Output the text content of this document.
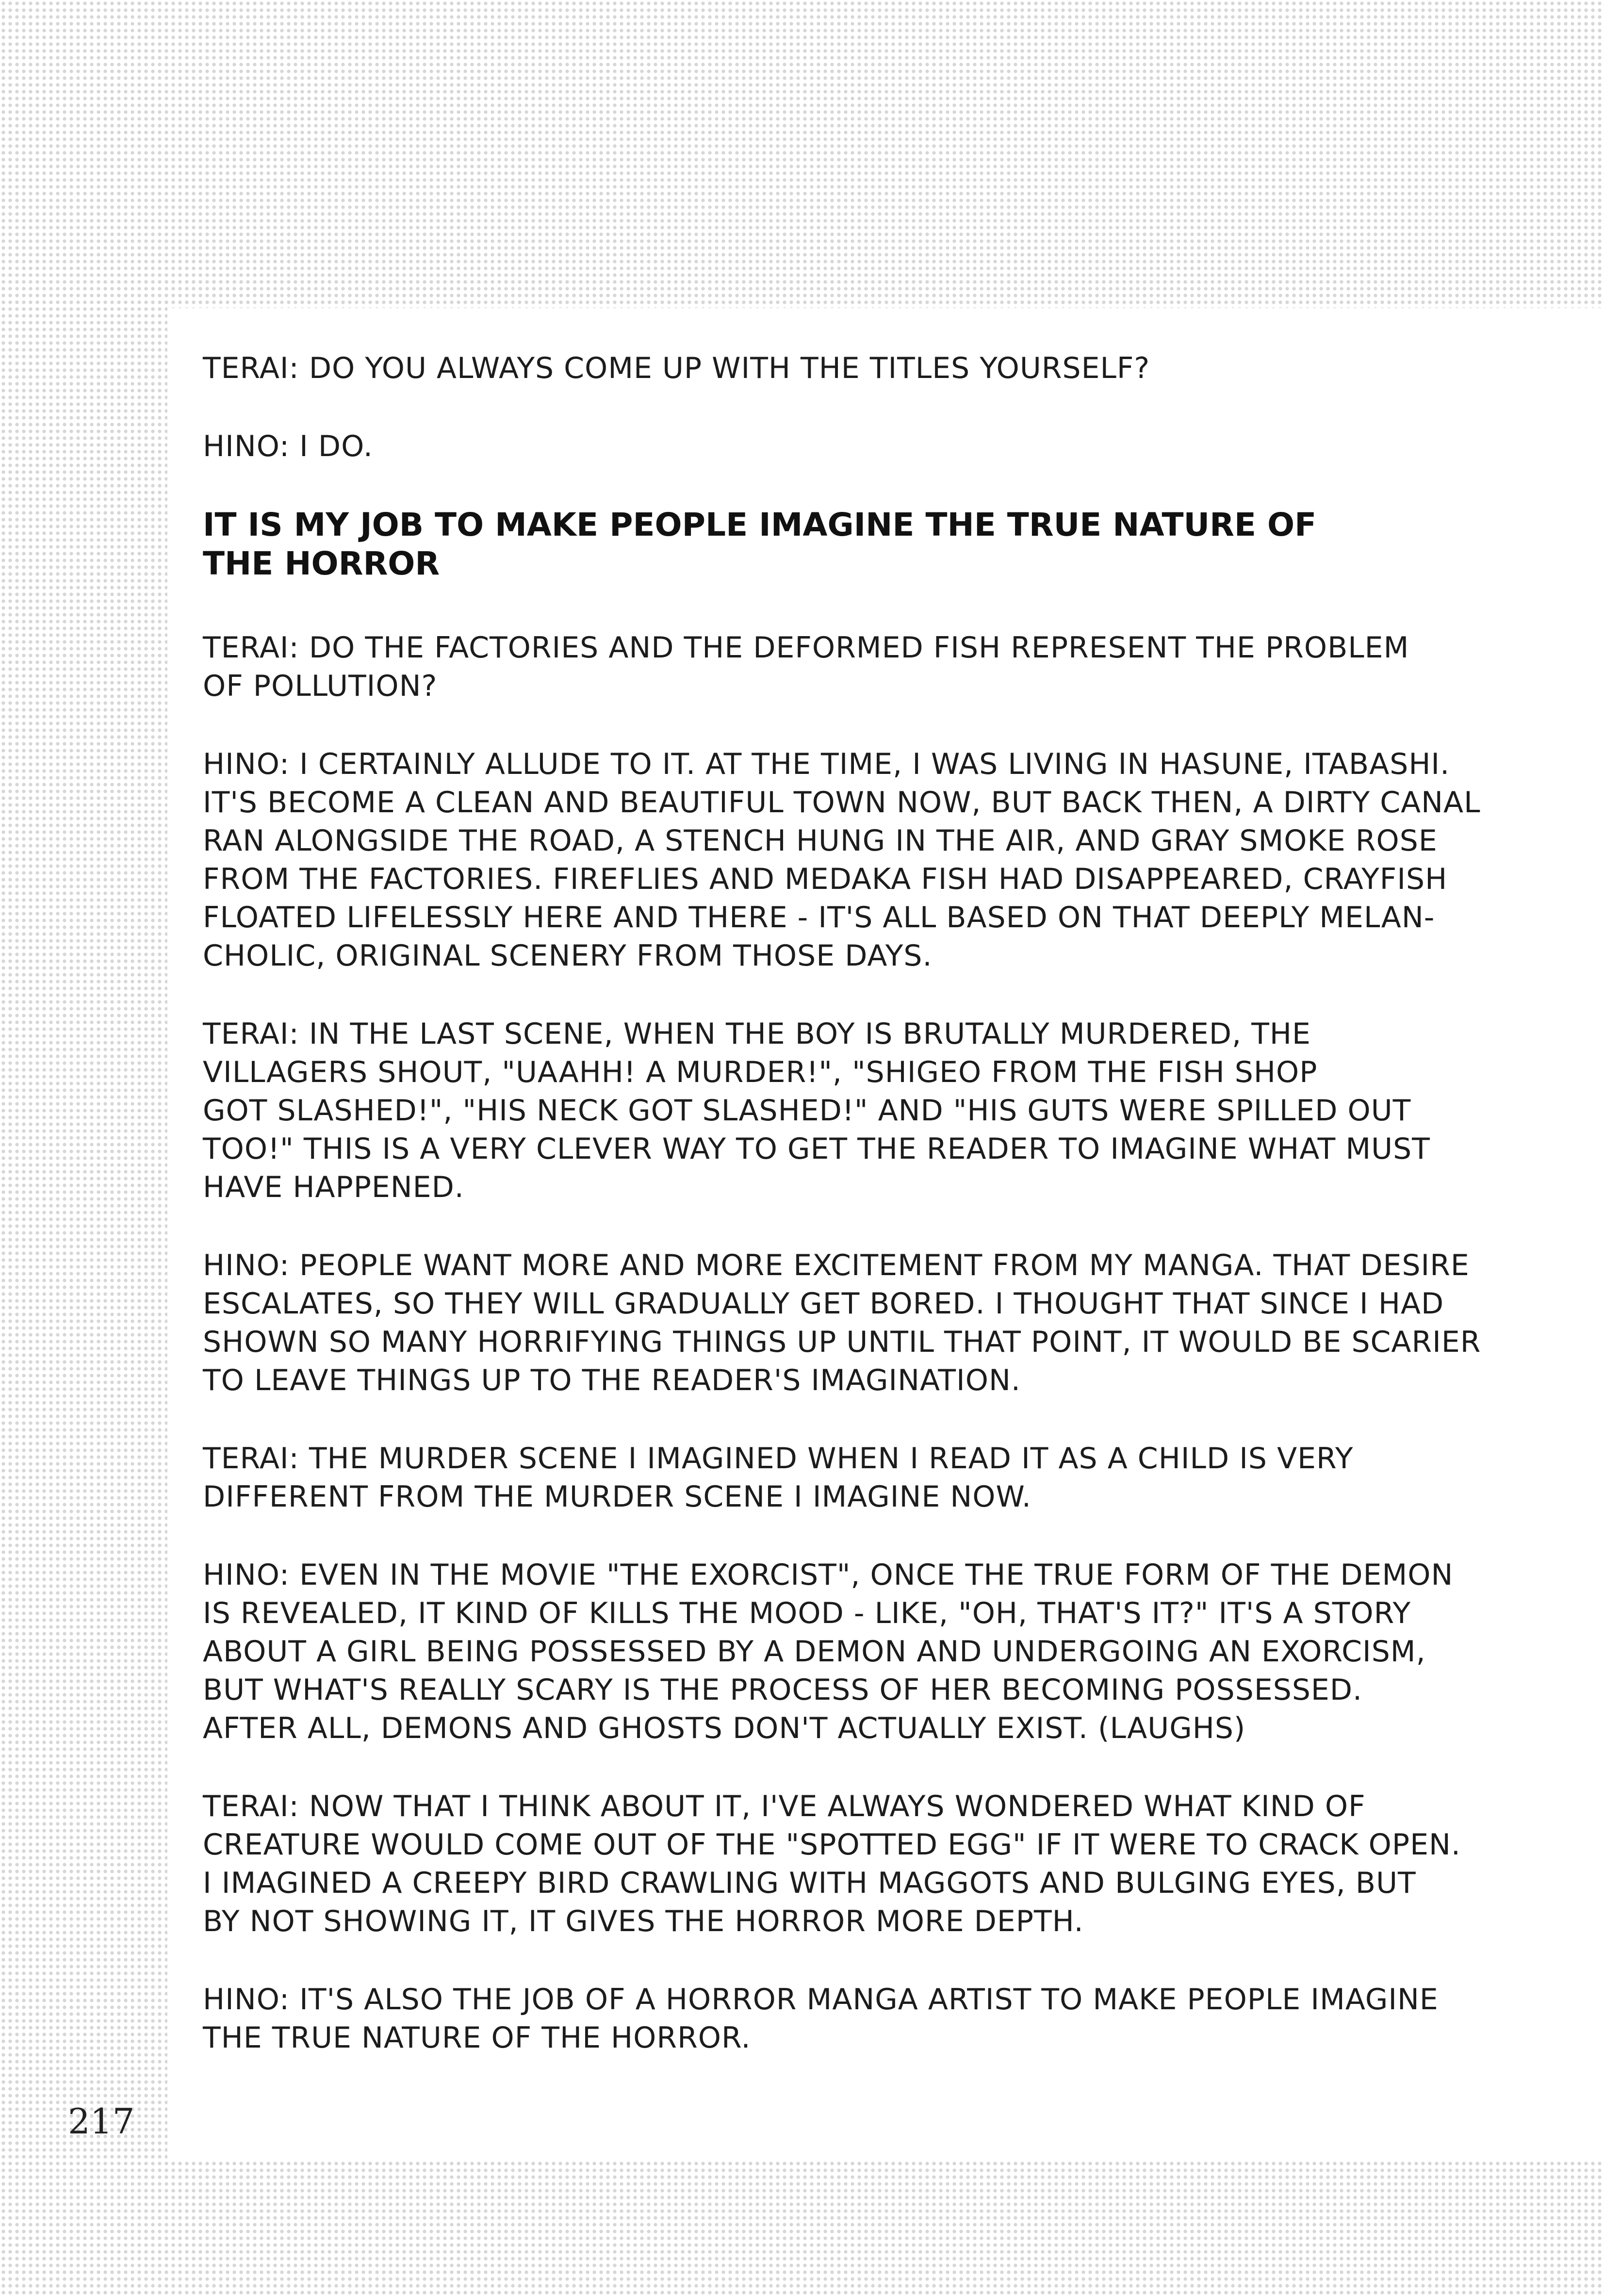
TERAI: DO YOU ALWAYS COME UP WITH THE TITLES YOURSELF?

HINO: I DO.

IT IS MY JOB TO MAKE PEOPLE IMAGINE THE TRUE NATURE OF
THE HORROR

TERAI: DO THE FACTORIES AND THE DEFORMED FISH REPRESENT THE PROBLEM
OF POLLUTION?

HINO: I CERTAINLY ALLUDE TO IT. AT THE TIME, I WAS LIVING IN HASUNE, ITABASHI.
IT'S BECOME A CLEAN AND BEAUTIFUL TOWN NOW, BUT BACK THEN, A DIRTY CANAL
RAN ALONGSIDE THE ROAD, A STENCH HUNG IN THE AIR, AND GRAY SMOKE ROSE
FROM THE FACTORIES. FIREFLIES AND MEDAKA FISH HAD DISAPPEARED, CRAYFISH
FLOATED LIFELESSLY HERE AND THERE - IT'S ALL BASED ON THAT DEEPLY MELAN-
CHOLIC, ORIGINAL SCENERY FROM THOSE DAYS.

TERAI: IN THE LAST SCENE, WHEN THE BOY IS BRUTALLY MURDERED, THE
VILLAGERS SHOUT, "UAAHH! A MURDER!", "SHIGEO FROM THE FISH SHOP
GOT SLASHED!", "HIS NECK GOT SLASHED!" AND "HIS GUTS WERE SPILLED OUT
TOO!" THIS IS A VERY CLEVER WAY TO GET THE READER TO IMAGINE WHAT MUST
HAVE HAPPENED.

HINO: PEOPLE WANT MORE AND MORE EXCITEMENT FROM MY MANGA. THAT DESIRE
ESCALATES, SO THEY WILL GRADUALLY GET BORED. I THOUGHT THAT SINCE I HAD
SHOWN SO MANY HORRIFYING THINGS UP UNTIL THAT POINT, IT WOULD BE SCARIER
TO LEAVE THINGS UP TO THE READER'S IMAGINATION.

TERAI: THE MURDER SCENE I IMAGINED WHEN I READ IT AS A CHILD IS VERY
DIFFERENT FROM THE MURDER SCENE I IMAGINE NOW.

HINO: EVEN IN THE MOVIE "THE EXORCIST", ONCE THE TRUE FORM OF THE DEMON
IS REVEALED, IT KIND OF KILLS THE MOOD - LIKE, "OH, THAT'S IT?" IT'S A STORY
ABOUT A GIRL BEING POSSESSED BY A DEMON AND UNDERGOING AN EXORCISM,
BUT WHAT'S REALLY SCARY IS THE PROCESS OF HER BECOMING POSSESSED.
AFTER ALL, DEMONS AND GHOSTS DON'T ACTUALLY EXIST. (LAUGHS)

TERAI: NOW THAT I THINK ABOUT IT, I'VE ALWAYS WONDERED WHAT KIND OF
CREATURE WOULD COME OUT OF THE "SPOTTED EGG" IF IT WERE TO CRACK OPEN.
I IMAGINED A CREEPY BIRD CRAWLING WITH MAGGOTS AND BULGING EYES, BUT
BY NOT SHOWING IT, IT GIVES THE HORROR MORE DEPTH.

HINO: IT'S ALSO THE JOB OF A HORROR MANGA ARTIST TO MAKE PEOPLE IMAGINE
THE TRUE NATURE OF THE HORROR.

217
